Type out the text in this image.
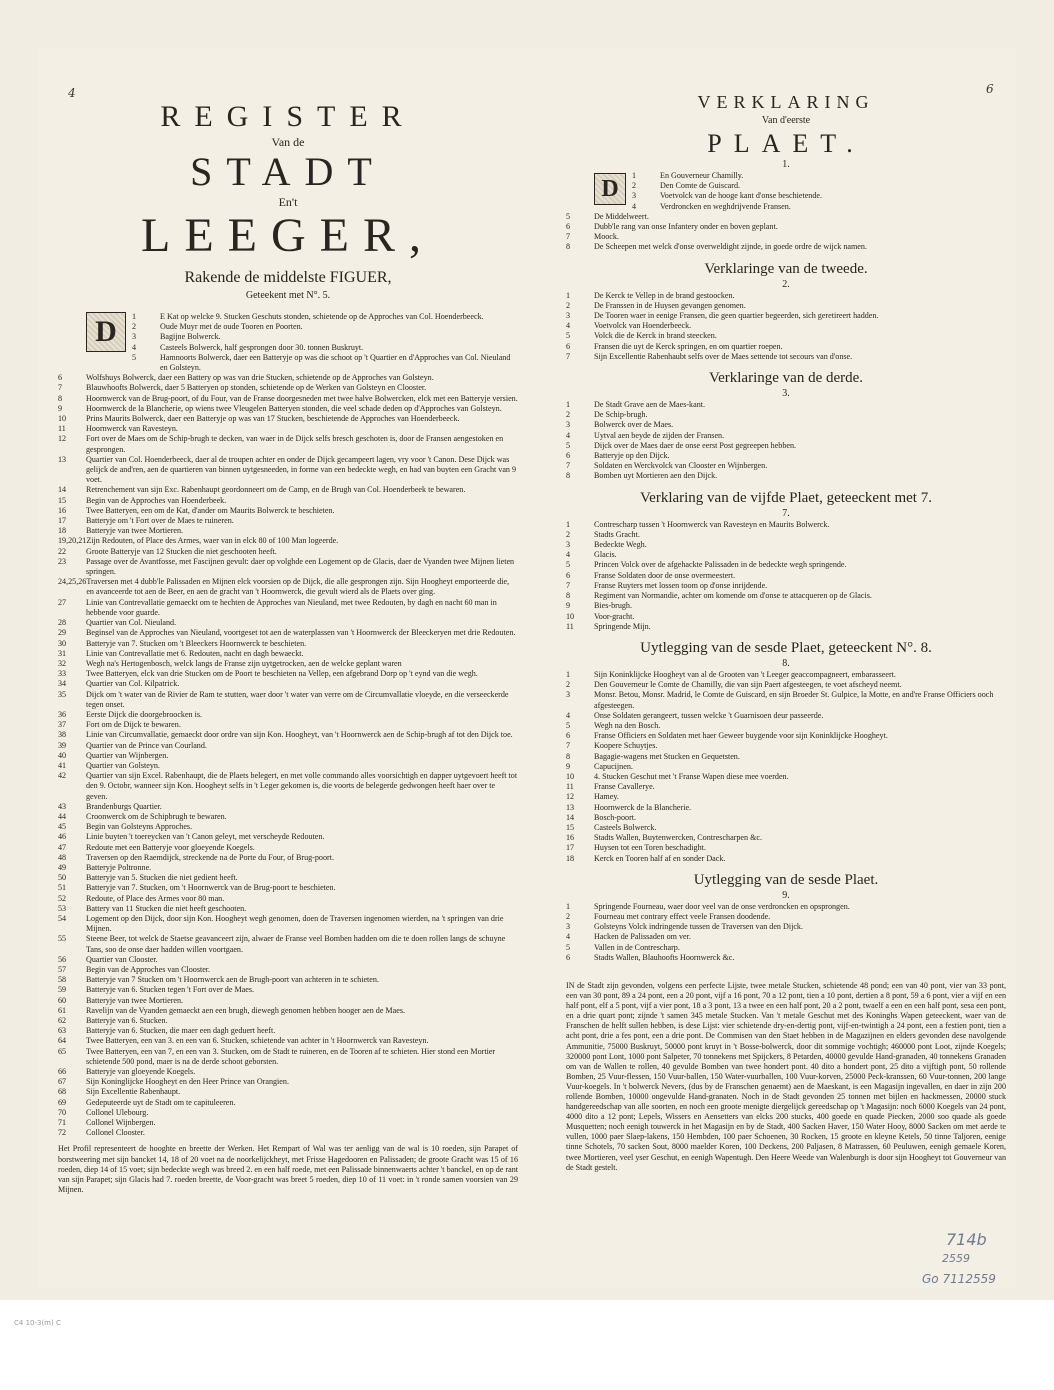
4	6
REGISTER
Van de
STADT
En't
LEEGER,
Rakende de middelste FIGUER,
Geteekent met N°. 5.
D	1	E Kat op welcke 9. Stucken Geschuts stonden, schietende op de Approches van Col. Hoenderbeeck.
2	Oude Muyr met de oude Tooren en Poorten.
3	Bagijne Bolwerck.
4	Casteels Bolwerck, half gesprongen door 30. tonnen Buskruyt.
5	Hamnoorts Bolwerck, daer een Batteryje op was die schoot op 't Quartier en d'Approches van Col. Nieuland en Golsteyn.
6	Wolfshuys Bolwerck, daer een Battery op was van drie Stucken, schietende op de Approches van Golsteyn.
7	Blauwhoofts Bolwerck, daer 5 Batteryen op stonden, schietende op de Werken van Golsteyn en Clooster.
8	Hoornwerck van de Brug-poort, of du Four, van de Franse doorgesneden met twee halve Bolwercken, elck met een Batteryje versien.
9	Hoornwerck de la Blancherie, op wiens twee Vleugelen Batteryen stonden, die veel schade deden op d'Approches van Golsteyn.
10	Prins Maurits Bolwerck, daer een Batteryje op was van 17 Stucken, beschietende de Approches van Hoenderbeeck.
11	Hoornwerck van Ravesteyn.
12	Fort over de Maes om de Schip-brugh te decken, van waer in de Dijck selfs bresch geschoten is, door de Fransen aengestoken en gesprongen.
13	Quartier van Col. Hoenderbeeck, daer al de troupen achter en onder de Dijck gecampeert lagen, vry voor 't Canon. Dese Dijck was gelijck de and'ren, aen de quartieren van binnen uytgesneeden, in forme van een bedeckte wegh, en had van buyten een Gracht van 9 voet.
14	Retrenchement van sijn Exc. Rabenhaupt geordonneert om de Camp, en de Brugh van Col. Hoenderbeek te bewaren.
15	Begin van de Approches van Hoenderbeek.
16	Twee Batteryen, een om de Kat, d'ander om Maurits Bolwerck te beschieten.
17	Batteryje om 't Fort over de Maes te ruineren.
18	Batteryje van twee Mortieren.
19,20,21 Zijn Redouten, of Place des Armes, waer van in elck 80 of 100 Man logeerde.
22	Groote Batteryje van 12 Stucken die niet geschooten heeft.
23	Passage over de Avantfosse, met Fascijnen gevult: daer op volghde een Logement op de Glacis, daer de Vyanden twee Mijnen lieten springen.
24,25,26 Traversen met 4 dubb'le Palissaden en Mijnen elck voorsien op de Dijck, die alle gesprongen zijn. Sijn Hoogheyt emporteerde die, en avanceerde tot aen de Beer, en aen de gracht van 't Hoornwerck, die gevult wierd als de Plaets over ging.
27	Linie van Contrevallatie gemaeckt om te hechten de Approches van Nieuland, met twee Redouten, by dagh en nacht 60 man in hebbende voor guarde.
28	Quartier van Col. Nieuland.
29	Beginsel van de Approches van Nieuland, voortgeset tot aen de waterplassen van 't Hoornwerck der Bleeckeryen met drie Redouten.
30	Batteryje van 7. Stucken om 't Bleeckers Hoornwerck te beschieten.
31	Linie van Contrevallatie met 6. Redouten, nacht en dagh bewaeckt.
32	Wegh na's Hertogenbosch, welck langs de Franse zijn uytgetrocken, aen de welcke geplant waren
33	Twee Batteryen, elck van drie Stucken om de Poort te beschieten na Vellep, een afgebrand Dorp op 't eynd van die wegh.
34	Quartier van Col. Kilpatrick.
35	Dijck om 't water van de Rivier de Ram te stutten, waer door 't water van verre om de Circumvallatie vloeyde, en die verseeckerde tegen onset.
36	Eerste Dijck die doorgebroocken is.
37	Fort om de Dijck te bewaren.
38	Linie van Circumvallatie, gemaeckt door ordre van sijn Kon. Hoogheyt, van 't Hoornwerck aen de Schip-brugh af tot den Dijck toe.
39	Quartier van de Prince van Courland.
40	Quartier van Wijnbergen.
41	Quartier van Golsteyn.
42	Quartier van sijn Excel. Rabenhaupt, die de Plaets belegert, en met volle commando alles voorsichtigh en dapper uytgevoert heeft tot den 9. Octobr, wanneer sijn Kon. Hoogheyt selfs in 't Leger gekomen is, die voorts de belegerde gedwongen heeft haer over te geven.
43	Brandenburgs Quartier.
44	Croonwerck om de Schipbrugh te bewaren.
45	Begin van Golsteyns Approches.
46	Linie buyten 't toereycken van 't Canon geleyt, met verscheyde Redouten.
47	Redoute met een Batteryje voor gloeyende Koegels.
48	Traversen op den Raemdijck, streckende na de Porte du Four, of Brug-poort.
49	Batteryje Poltronne.
50	Batteryje van 5. Stucken die niet gedient heeft.
51	Batteryje van 7. Stucken, om 't Hoornwerck van de Brug-poort te beschieten.
52	Redoute, of Place des Armes voor 80 man.
53	Battery van 11 Stucken die niet heeft geschooten.
54	Logement op den Dijck, door sijn Kon. Hoogheyt wegh genomen, doen de Traversen ingenomen wierden, na 't springen van drie Mijnen.
55	Steene Beer, tot welck de Staetse geavanceert zijn, alwaer de Franse veel Bomben hadden om die te doen rollen langs de schuyne Tans, soo de onse daer hadden willen voortgaen.
56	Quartier van Clooster.
57	Begin van de Approches van Clooster.
58	Batteryje van 7 Stucken om 't Hoornwerck aen de Brugh-poort van achteren in te schieten.
59	Batteryje van 6. Stucken tegen 't Fort over de Maes.
60	Batteryje van twee Mortieren.
61	Ravelijn van de Vyanden gemaeckt aen een brugh, diewegh genomen hebben hooger aen de Maes.
62	Batteryje van 6. Stucken.
63	Batteryje van 6. Stucken, die maer een dagh geduert heeft.
64	Twee Batteryen, een van 3. en een van 6. Stucken, schietende van achter in 't Hoornwerck van Ravesteyn.
65	Twee Batteryen, een van 7, en een van 3. Stucken, om de Stadt te ruineren, en de Tooren af te schieten. Hier stond een Mortier schietende 500 pond, maer is na de derde schoot geborsten.
66	Batteryje van gloeyende Koegels.
67	Sijn Koninglijcke Hoogheyt en den Heer Prince van Orangien.
68	Sijn Excellentie Rabenhaupt.
69	Gedeputeerde uyt de Stadt om te capituleeren.
70	Collonel Ulebourg.
71	Collonel Wijnbergen.
72	Collonel Clooster.

Het Profil representeert de hooghte en breette der Werken. Het Rempart of Wal was ter aenligg van de wal is 10 roeden, sijn Parapet of borstweering met sijn bancket 14, 18 of 20 voet na de noorkelijckheyt, met Frisse Hagedooren en Palissaden; de groote Gracht was 15 of 16 roeden, diep 14 of 15 voet; sijn bedeckte wegh was breed 2. en een half roede, met een Palissade binnenwaerts achter 't banckel, en op de rant van sijn Parapet; sijn Glacis had 7. roeden breette, de Voor-gracht was breet 5 roeden, diep 10 of 11 voet: in 't ronde samen voorsien van 29 Mijnen.

VERKLARING
Van d'eerste
PLAET.
1.
D	1	En Gouverneur Chamilly.
2	Den Comte de Guiscard.
3	Voetvolck van de hooge kant d'onse beschietende.
4	Verdroncken en weghdrijvende Fransen.
5	De Middelweert.
6	Dubb'le rang van onse Infantery onder en boven geplant.
7	Moock.
8	De Scheepen met welck d'onse overweldight zijnde, in goede ordre de wijck namen.
Verklaringe van de tweede.
2.
1	De Kerck te Vellep in de brand gestoocken.
2	De Franssen in de Huysen gevangen genomen.
3	De Tooren waer in eenige Fransen, die geen quartier begeerden, sich geretireert hadden.
4	Voetvolck van Hoenderbeeck.
5	Volck die de Kerck in brand steecken.
6	Fransen die uyt de Kerck springen, en om quartier roepen.
7	Sijn Excellentie Rabenhaubt selfs over de Maes settende tot secours van d'onse.
Verklaringe van de derde.
3.
1	De Stadt Grave aen de Maes-kant.
2	De Schip-brugh.
3	Bolwerck over de Maes.
4	Uytval aen beyde de zijden der Fransen.
5	Dijck over de Maes daer de onse eerst Post gegreepen hebben.
6	Batteryje op den Dijck.
7	Soldaten en Werckvolck van Clooster en Wijnbergen.
8	Bomben uyt Mortieren aen den Dijck.
Verklaring van de vijfde Plaet, geteeckent met 7.
7.
1	Contrescharp tussen 't Hoornwerck van Ravesteyn en Maurits Bolwerck.
2	Stadts Gracht.
3	Bedeckte Wegh.
4	Glacis.
5	Princen Volck over de afgehackte Palissaden in de bedeckte wegh springende.
6	Franse Soldaten door de onse overmeestert.
7	Franse Ruyters met lossen toom op d'onse inrijdende.
8	Regiment van Normandie, achter om komende om d'onse te attacqueren op de Glacis.
9	Bies-brugh.
10	Voor-gracht.
11	Springende Mijn.
Uytlegging van de sesde Plaet, geteeckent N°. 8.
8.
1	Sijn Koninklijcke Hoogheyt van al de Grooten van 't Leeger geaccompagneert, embarasseert.
2	Den Gouverneur le Comte de Chamilly, die van sijn Paert afgesteegen, te voet afscheyd neemt.
3	Monsr. Betou, Monsr. Madrid, le Comte de Guiscard, en sijn Broeder St. Gulpice, la Motte, en and're Franse Officiers ooch afgesteegen.
4	Onse Soldaten gerangeert, tussen welcke 't Guarnisoen deur passeerde.
5	Wegh na den Bosch.
6	Franse Officiers en Soldaten met haer Geweer buygende voor sijn Koninklijcke Hoogheyt.
7	Koopere Schuytjes.
8	Bagagie-wagens met Stucken en Gequetsten.
9	Capucijnen.
10	4. Stucken Geschut met 't Franse Wapen diese mee voerden.
11	Franse Cavallerye.
12	Hamey.
13	Hoornwerck de la Blancherie.
14	Bosch-poort.
15	Casteels Bolwerck.
16	Stadts Wallen, Buytenwercken, Contrescharpen &c.
17	Huysen tot een Toren beschadight.
18	Kerck en Tooren half af en sonder Dack.
Uytlegging van de sesde Plaet.
9.
1	Springende Fourneau, waer door veel van de onse verdroncken en opsprongen.
2	Fourneau met contrary effect veele Fransen doodende.
3	Golsteyns Volck indringende tussen de Traversen van den Dijck.
4	Hacken de Palissaden om ver.
5	Vallen in de Contrescharp.
6	Stadts Wallen, Blauhoofts Hoornwerck &c.

IN de Stadt zijn gevonden, volgens een perfecte Lijste, twee metale Stucken, schietende 48 pond; een van 40 pont, vier van 33 pont, een van 30 pont, 89 a 24 pont, een a 20 pont, vijf a 16 pont, 70 a 12 pont, tien a 10 pont, dertien a 8 pont, 59 a 6 pont, vier a vijf en een half pont, elf a 5 pont, vijf a vier pont, 18 a 3 pont, 13 a twee en een half pont, 20 a 2 pont, twaelf a een en een half pont, sesa een pont, en a drie quart pont; zijnde 't samen 345 metale Stucken. Van 't metale Geschut met des Koninghs Wapen geteeckent, waer van de Franschen de helft sullen hebben, is dese Lijst: vier schietende dry-en-dertig pont, vijf-en-twintigh a 24 pont, een a festien pont, tien a acht pont, drie a fes pont, een a drie pont. De Commisen van den Staet hebben in de Magazijnen en elders gevonden dese navolgende Ammunitie, 75000 Buskruyt, 50000 pont kruyt in 't Bosse-bolwerck, door dit sommige vochtigh; 460000 pont Loot, zijnde Koegels; 320000 pont Lont, 1000 pont Salpeter, 70 tonnekens met Spijckers, 8 Petarden, 40000 gevulde Hand-granaden, 40 tonnekens Granaden om van de Wallen te rollen, 40 gevulde Bomben van twee hondert pont. 40 dito a hondert pont, 25 dito a vijftigh pont, 50 rollende Bomben, 25 Vuur-flessen, 150 Vuur-ballen, 150 Water-vuurballen, 100 Vuur-korven, 25000 Peck-kranssen, 60 Vuur-tonnen, 200 lange Vuur-koegels. In 't bolwerck Nevers, (dus by de Franschen genaemt) aen de Maeskant, is een Magasijn ingevallen, en daer in zijn 200 rollende Bomben, 10000 ongevulde Hand-granaten. Noch in de Stadt gevonden 25 tonnen met bijlen en hackmessen, 20000 stuck handgereedschap van alle soorten, en noch een groote menigte diergelijck gereedschap op 't Magasijn: noch 6000 Koegels van 24 pont, 4000 dito a 12 pont; Lepels, Wissers en Aensetters van elcks 200 stucks, 400 goede en quade Piecken, 2000 soo quade als goede Musquetten; noch eenigh touwerck in het Magasijn en by de Stadt, 400 Sacken Haver, 150 Water Hooy, 8000 Sacken om met aerde te vullen, 1000 paer Slaep-lakens, 150 Hembden, 100 paer Schoenen, 30 Rocken, 15 groote en kleyne Ketels, 50 tinne Taljoren, eenige tinne Schotels, 70 sacken Sout, 8000 maelder Koren, 100 Deckens, 200 Paljasen, 8 Matrassen, 60 Peuluwen, eenigh gemaele Koren, twee Mortieren, veel yser Geschut, en eenigh Wapentugh. Den Heere Weede van Walenburgh is door sijn Hoogheyt tot Gouverneur van de Stadt gestelt.

714b
2559
Go 7112559
C4 10-3(m) C
